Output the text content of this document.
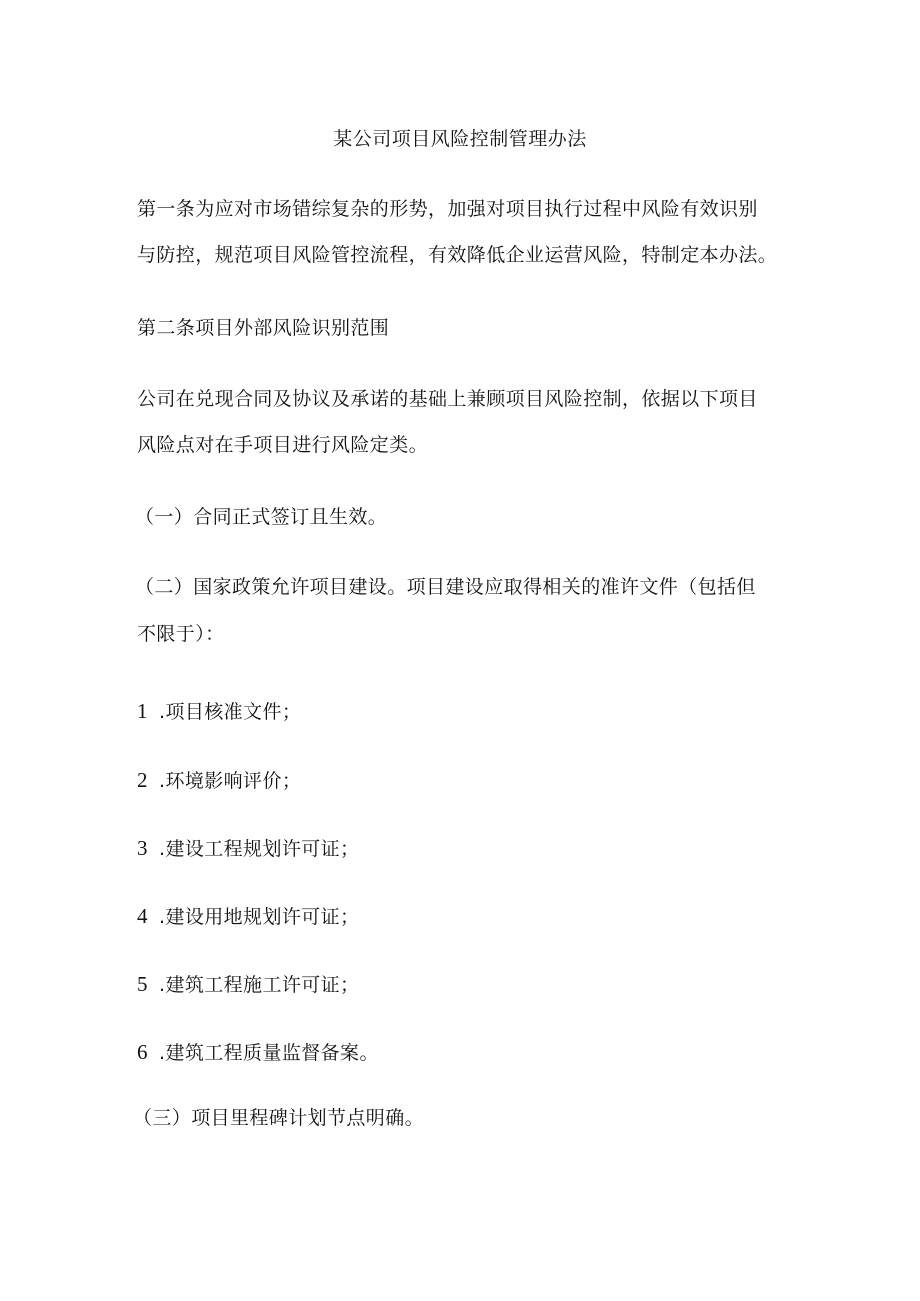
某公司项目风险控制管理办法
第一条为应对市场错综复杂的形势，加强对项目执行过程中风险有效识别
与防控，规范项目风险管控流程，有效降低企业运营风险，特制定本办法。
第二条项目外部风险识别范围
公司在兑现合同及协议及承诺的基础上兼顾项目风险控制，依据以下项目
风险点对在手项目进行风险定类。
（一）合同正式签订且生效。
（二）国家政策允许项目建设。项目建设应取得相关的准许文件（包括但
不限于）：
1 .项目核准文件；
2 .环境影响评价；
3 .建设工程规划许可证；
4 .建设用地规划许可证；
5 .建筑工程施工许可证；
6 .建筑工程质量监督备案。
（三）项目里程碑计划节点明确。
